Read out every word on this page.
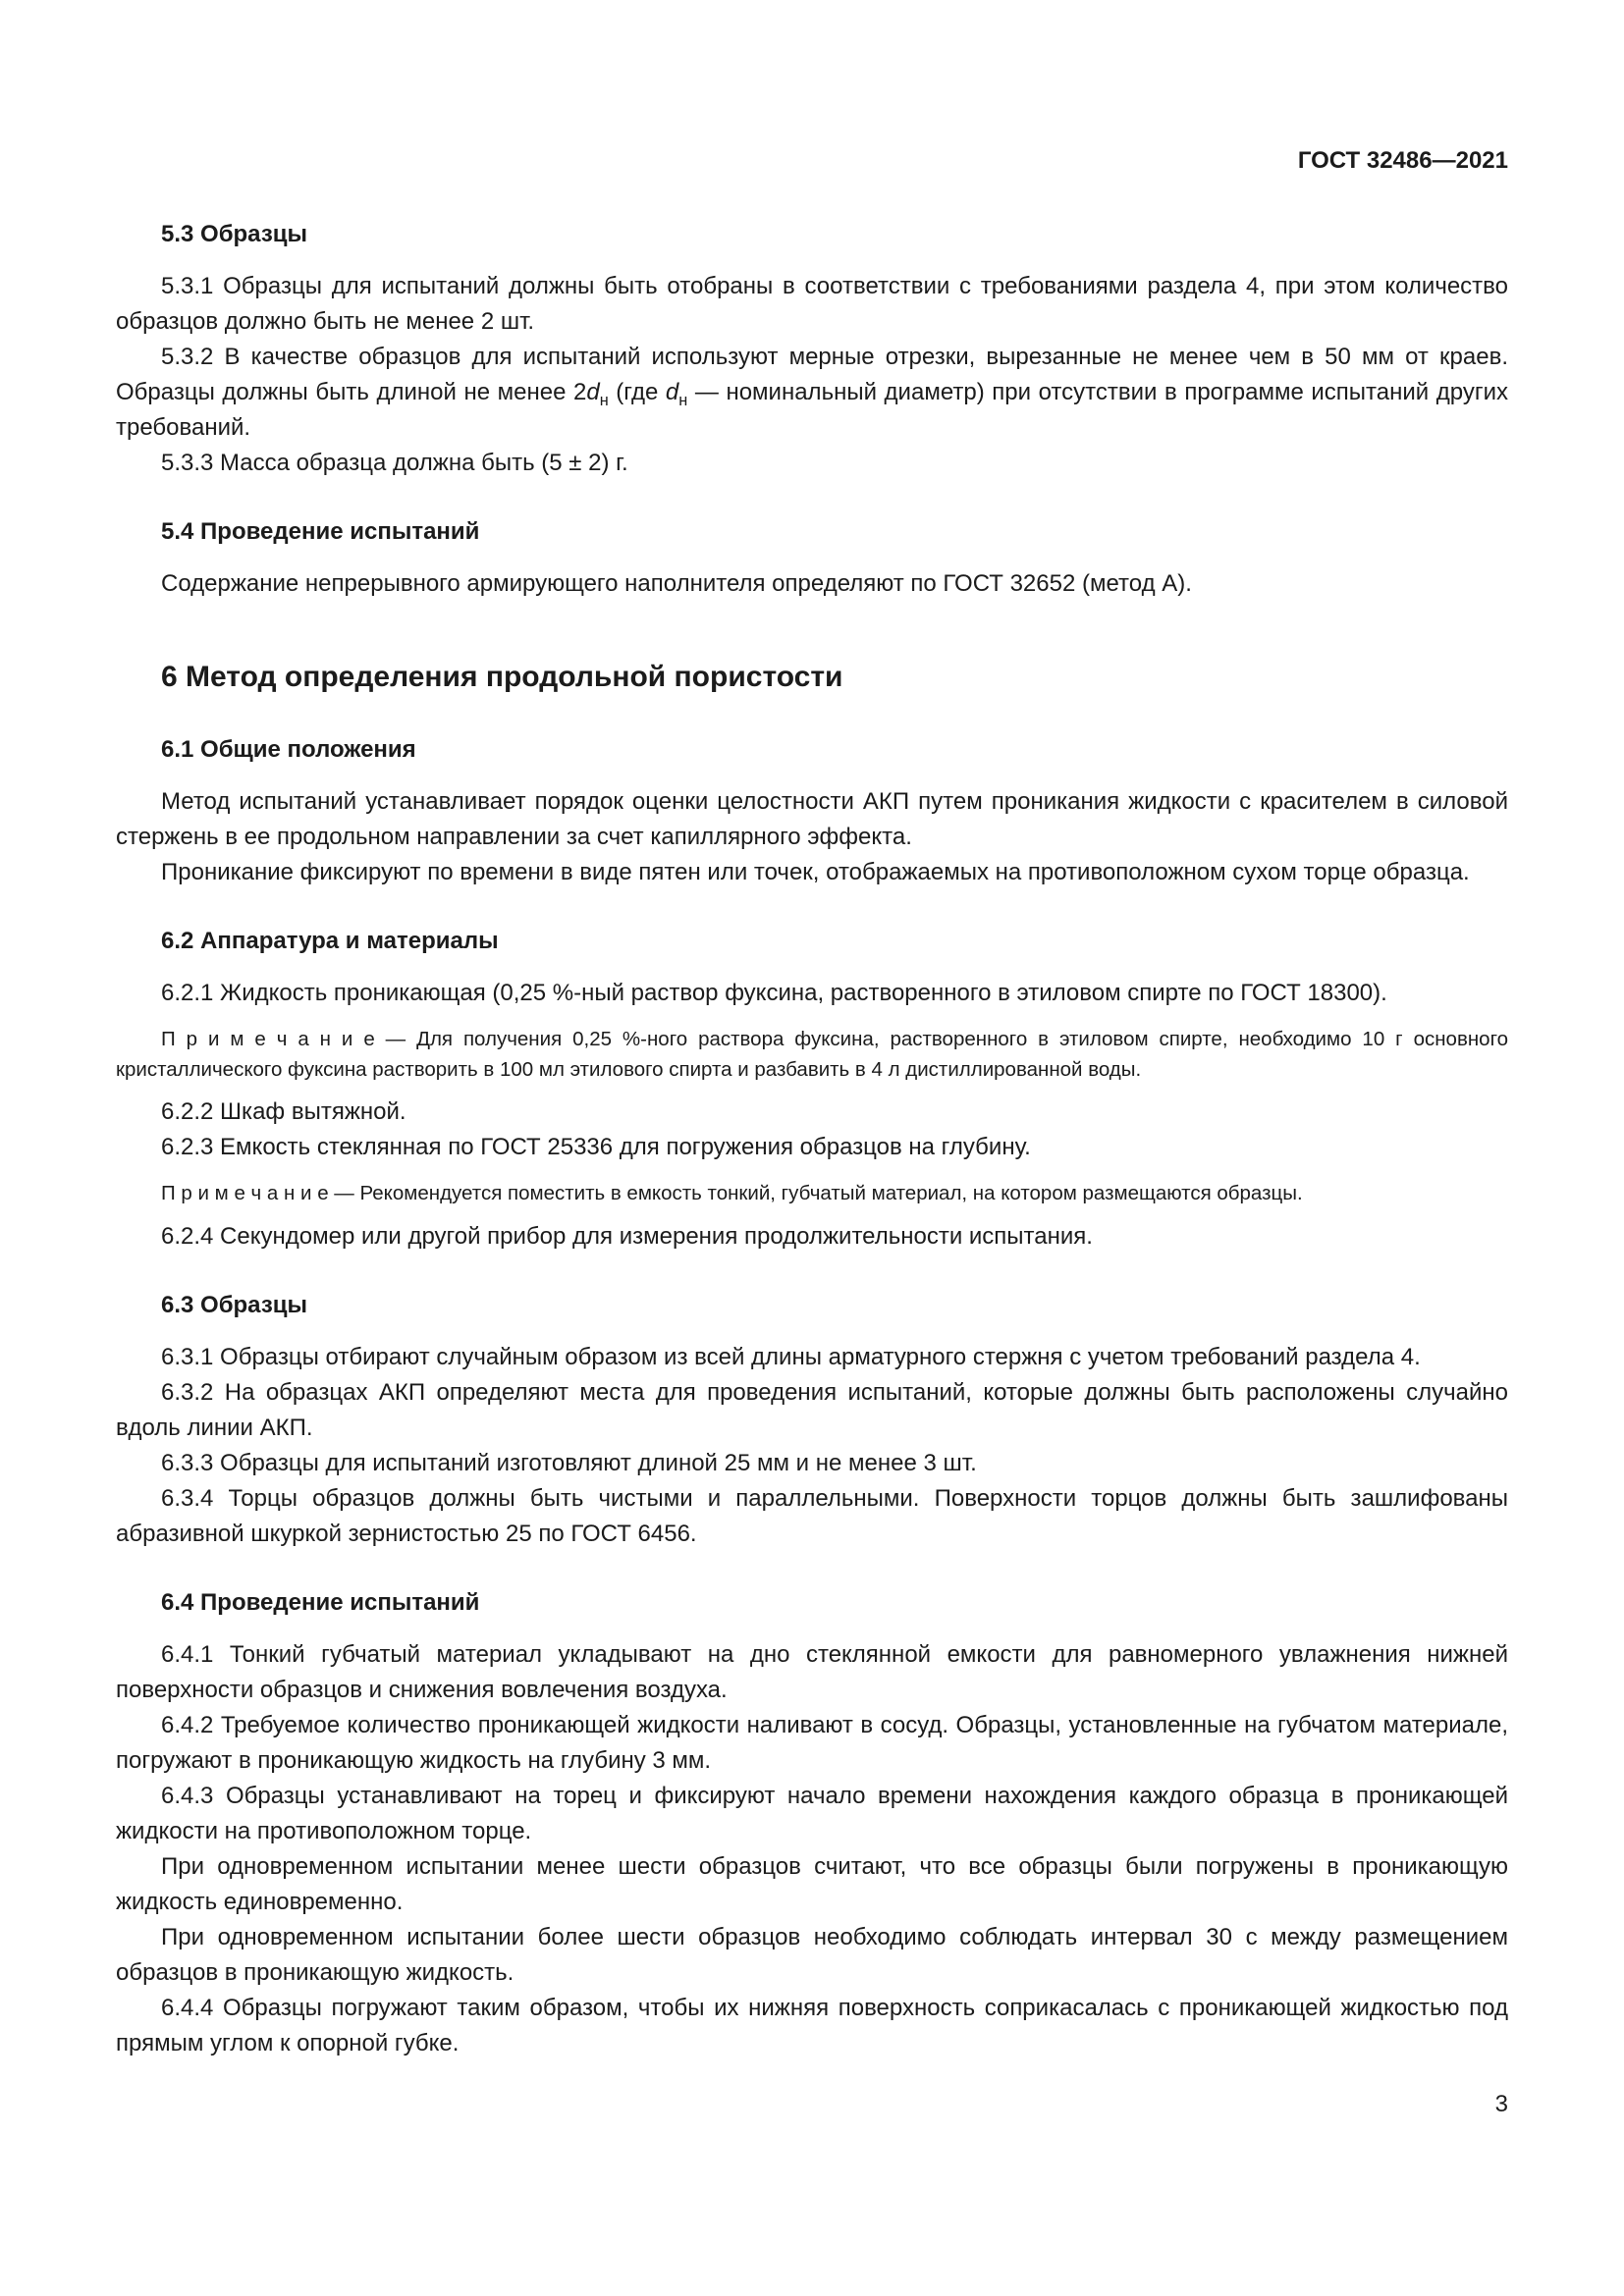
ГОСТ 32486—2021

5.3 Образцы

5.3.1 Образцы для испытаний должны быть отобраны в соответствии с требованиями раздела 4, при этом количество образцов должно быть не менее 2 шт.

5.3.2 В качестве образцов для испытаний используют мерные отрезки, вырезанные не менее чем в 50 мм от краев. Образцы должны быть длиной не менее $2d_н$ (где $d_н$ — номинальный диаметр) при отсутствии в программе испытаний других требований.

5.3.3 Масса образца должна быть (5 ± 2) г.

5.4 Проведение испытаний

Содержание непрерывного армирующего наполнителя определяют по ГОСТ 32652 (метод А).

6 Метод определения продольной пористости

6.1 Общие положения

Метод испытаний устанавливает порядок оценки целостности АКП путем проникания жидкости с красителем в силовой стержень в ее продольном направлении за счет капиллярного эффекта.

Проникание фиксируют по времени в виде пятен или точек, отображаемых на противоположном сухом торце образца.

6.2 Аппаратура и материалы

6.2.1 Жидкость проникающая (0,25 %-ный раствор фуксина, растворенного в этиловом спирте по ГОСТ 18300).

П р и м е ч а н и е — Для получения 0,25 %-ного раствора фуксина, растворенного в этиловом спирте, необходимо 10 г основного кристаллического фуксина растворить в 100 мл этилового спирта и разбавить в 4 л дистиллированной воды.

6.2.2 Шкаф вытяжной.

6.2.3 Емкость стеклянная по ГОСТ 25336 для погружения образцов на глубину.

П р и м е ч а н и е — Рекомендуется поместить в емкость тонкий, губчатый материал, на котором размещаются образцы.

6.2.4 Секундомер или другой прибор для измерения продолжительности испытания.

6.3 Образцы

6.3.1 Образцы отбирают случайным образом из всей длины арматурного стержня с учетом требований раздела 4.

6.3.2 На образцах АКП определяют места для проведения испытаний, которые должны быть расположены случайно вдоль линии АКП.

6.3.3 Образцы для испытаний изготовляют длиной 25 мм и не менее 3 шт.

6.3.4 Торцы образцов должны быть чистыми и параллельными. Поверхности торцов должны быть зашлифованы абразивной шкуркой зернистостью 25 по ГОСТ 6456.

6.4 Проведение испытаний

6.4.1 Тонкий губчатый материал укладывают на дно стеклянной емкости для равномерного увлажнения нижней поверхности образцов и снижения вовлечения воздуха.

6.4.2 Требуемое количество проникающей жидкости наливают в сосуд. Образцы, установленные на губчатом материале, погружают в проникающую жидкость на глубину 3 мм.

6.4.3 Образцы устанавливают на торец и фиксируют начало времени нахождения каждого образца в проникающей жидкости на противоположном торце.

При одновременном испытании менее шести образцов считают, что все образцы были погружены в проникающую жидкость единовременно.

При одновременном испытании более шести образцов необходимо соблюдать интервал 30 с между размещением образцов в проникающую жидкость.

6.4.4 Образцы погружают таким образом, чтобы их нижняя поверхность соприкасалась с проникающей жидкостью под прямым углом к опорной губке.

3
